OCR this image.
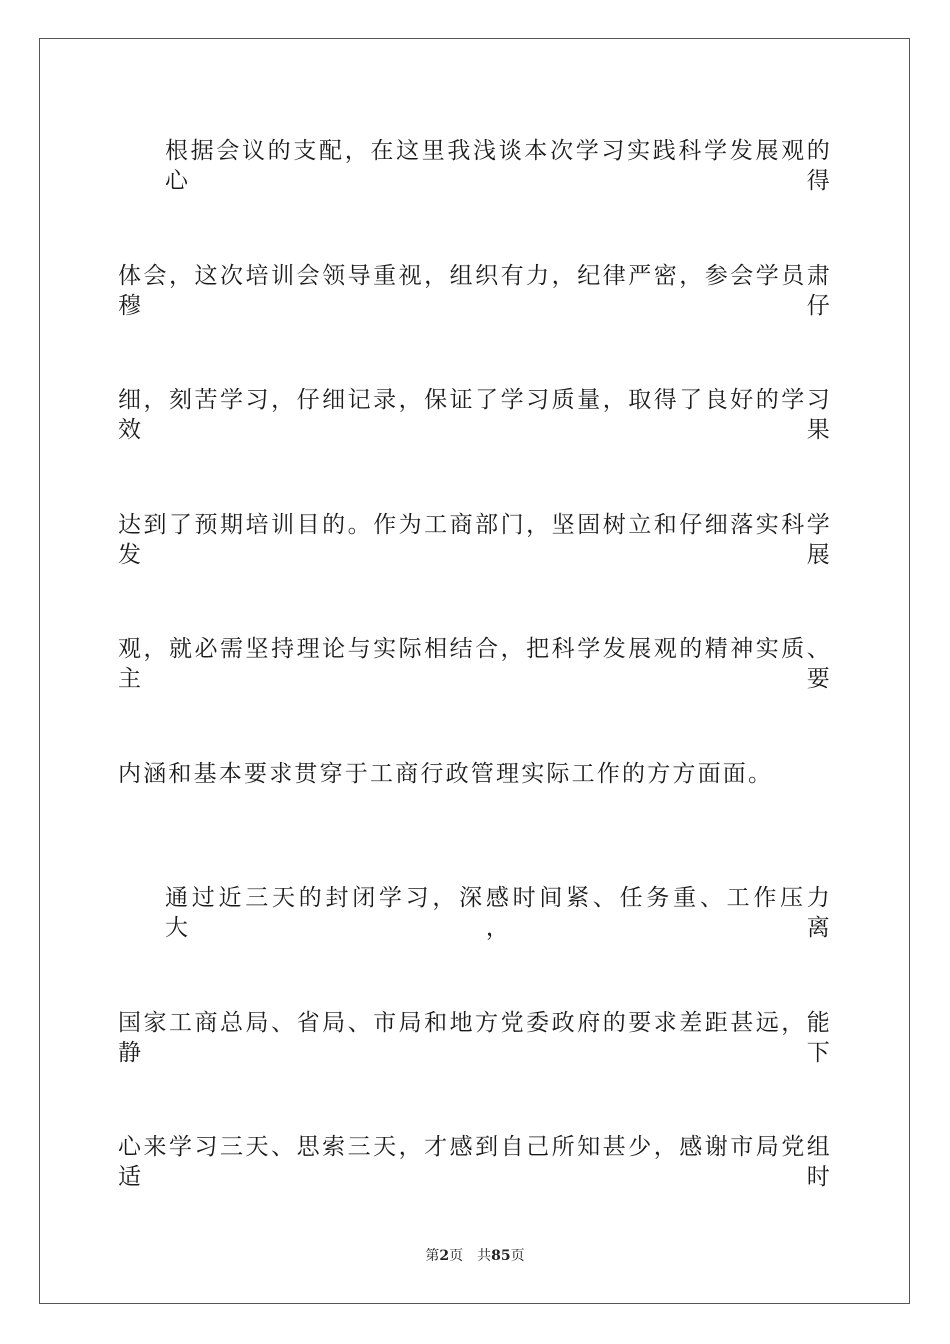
根据会议的支配，在这里我浅谈本次学习实践科学发展观的心得
体会，这次培训会领导重视，组织有力，纪律严密，参会学员肃穆仔
细，刻苦学习，仔细记录，保证了学习质量，取得了良好的学习效果
达到了预期培训目的。作为工商部门，坚固树立和仔细落实科学发展
观，就必需坚持理论与实际相结合，把科学发展观的精神实质、主要
内涵和基本要求贯穿于工商行政管理实际工作的方方面面。
通过近三天的封闭学习，深感时间紧、任务重、工作压力大，离
国家工商总局、省局、市局和地方党委政府的要求差距甚远，能静下
心来学习三天、思索三天，才感到自己所知甚少，感谢市局党组适时
第2页 共85页
